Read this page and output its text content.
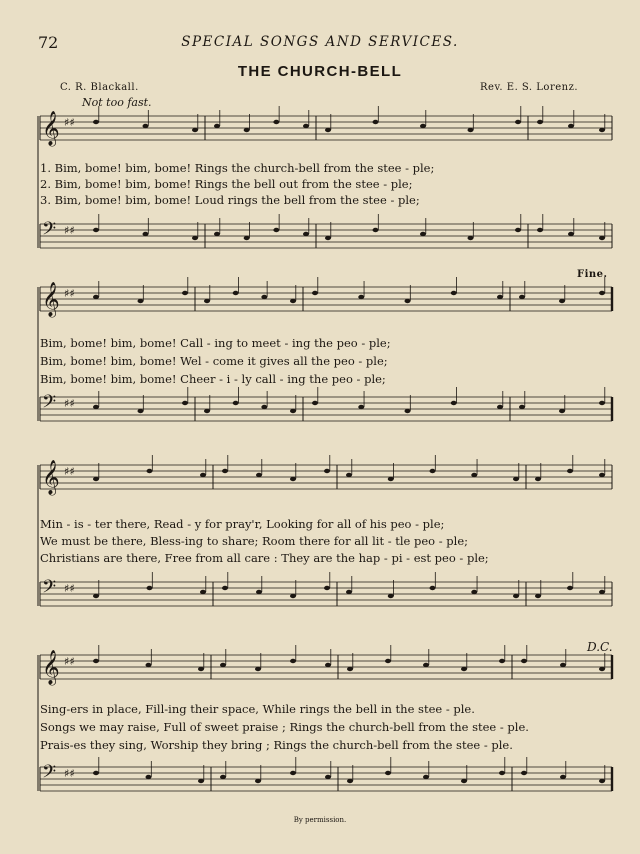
72	SPECIAL SONGS AND SERVICES.
THE CHURCH-BELL
C. R. Blackall.	Rev. E. S. Lorenz.
Not too fast.
Fine.
D.C.
𝄞 ♯♯
𝄢 ♯♯
𝄞 ♯♯
𝄢 ♯♯
𝄞 ♯♯
𝄢 ♯♯
𝄞 ♯♯
𝄢 ♯♯
1. Bim, bome! bim, bome! Rings the church-bell from the stee - ple;
2. Bim, bome! bim, bome! Rings the bell out from the stee - ple;
3. Bim, bome! bim, bome! Loud rings the bell from the stee - ple;
Bim, bome! bim, bome! Call - ing to meet - ing the peo - ple;
Bim, bome! bim, bome! Wel - come it gives all the peo - ple;
Bim, bome! bim, bome! Cheer - i - ly call - ing the peo - ple;
Min - is - ter there, Read - y for pray'r, Looking for all of his peo - ple;
We must be there, Bless-ing to share; Room there for all lit - tle peo - ple;
Christians are there, Free from all care : They are the hap - pi - est peo - ple;
Sing-ers in place, Fill-ing their space, While rings the bell in the stee - ple.
Songs we may raise, Full of sweet praise ; Rings the church-bell from the stee - ple.
Prais-es they sing, Worship they bring ; Rings the church-bell from the stee - ple.
By permission.
